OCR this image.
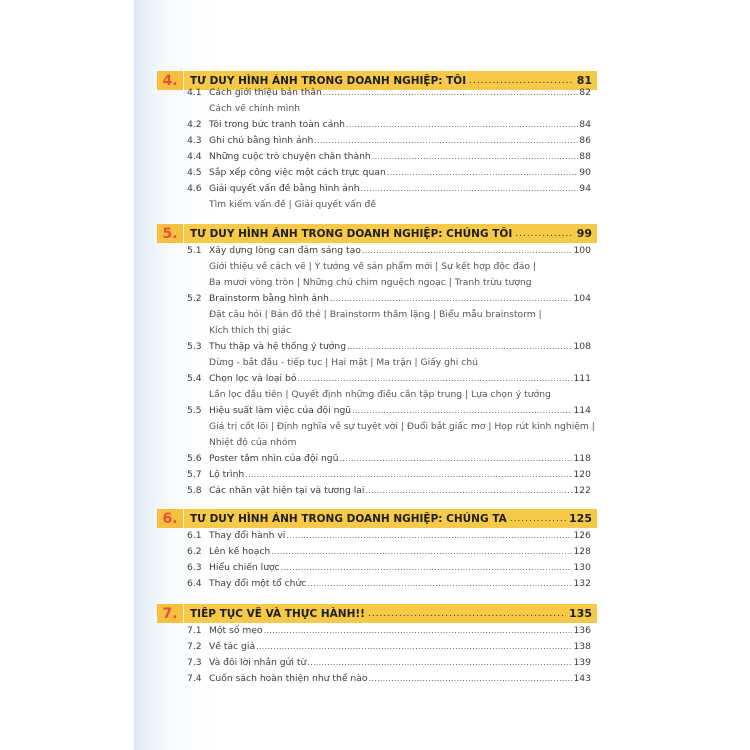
4.	TƯ DUY HÌNH ẢNH TRONG DOANH NGHIỆP: TÔI .....	81
4.1 Cách giới thiệu bản thân .....	82
Cách vẽ chính mình
4.2 Tôi trong bức tranh toàn cảnh .....	84
4.3 Ghi chú bằng hình ảnh .....	86
4.4 Những cuộc trò chuyện chân thành .....	88
4.5 Sắp xếp công việc một cách trực quan .....	90
4.6 Giải quyết vấn đề bằng hình ảnh .....	94
Tìm kiếm vấn đề | Giải quyết vấn đề
5.	TƯ DUY HÌNH ẢNH TRONG DOANH NGHIỆP: CHÚNG TÔI .....	99
5.1 Xây dựng lòng can đảm sáng tạo .....	100
Giới thiệu về cách vẽ | Ý tưởng về sản phẩm mới | Sự kết hợp độc đáo |
Ba mươi vòng tròn | Những chú chim nguệch ngoạc | Tranh trừu tượng
5.2 Brainstorm bằng hình ảnh .....	104
Đặt câu hỏi | Bản đồ thẻ | Brainstorm thầm lặng | Biểu mẫu brainstorm |
Kích thích thị giác
5.3 Thu thập và hệ thống ý tưởng .....	108
Dừng - bắt đầu - tiếp tục | Hai mặt | Ma trận | Giấy ghi chú
5.4 Chọn lọc và loại bỏ .....	111
Lần lọc đầu tiên | Quyết định những điều cần tập trung | Lựa chọn ý tưởng
5.5 Hiệu suất làm việc của đội ngũ .....	114
Giá trị cốt lõi | Định nghĩa về sự tuyệt vời | Đuổi bắt giấc mơ | Họp rút kinh nghiệm |
Nhiệt độ của nhóm
5.6 Poster tầm nhìn của đội ngũ .....	118
5.7 Lộ trình .....	120
5.8 Các nhân vật hiện tại và tương lai .....	122
6.	TƯ DUY HÌNH ẢNH TRONG DOANH NGHIỆP: CHÚNG TA .....	125
6.1 Thay đổi hành vi .....	126
6.2 Lên kế hoạch .....	128
6.3 Hiểu chiến lược .....	130
6.4 Thay đổi một tổ chức .....	132
7.	TIẾP TỤC VẼ VÀ THỰC HÀNH!! .....	135
7.1 Một số mẹo .....	136
7.2 Về tác giả .....	138
7.3 Và đôi lời nhắn gửi từ .....	139
7.4 Cuốn sách hoàn thiện như thế nào .....	143
